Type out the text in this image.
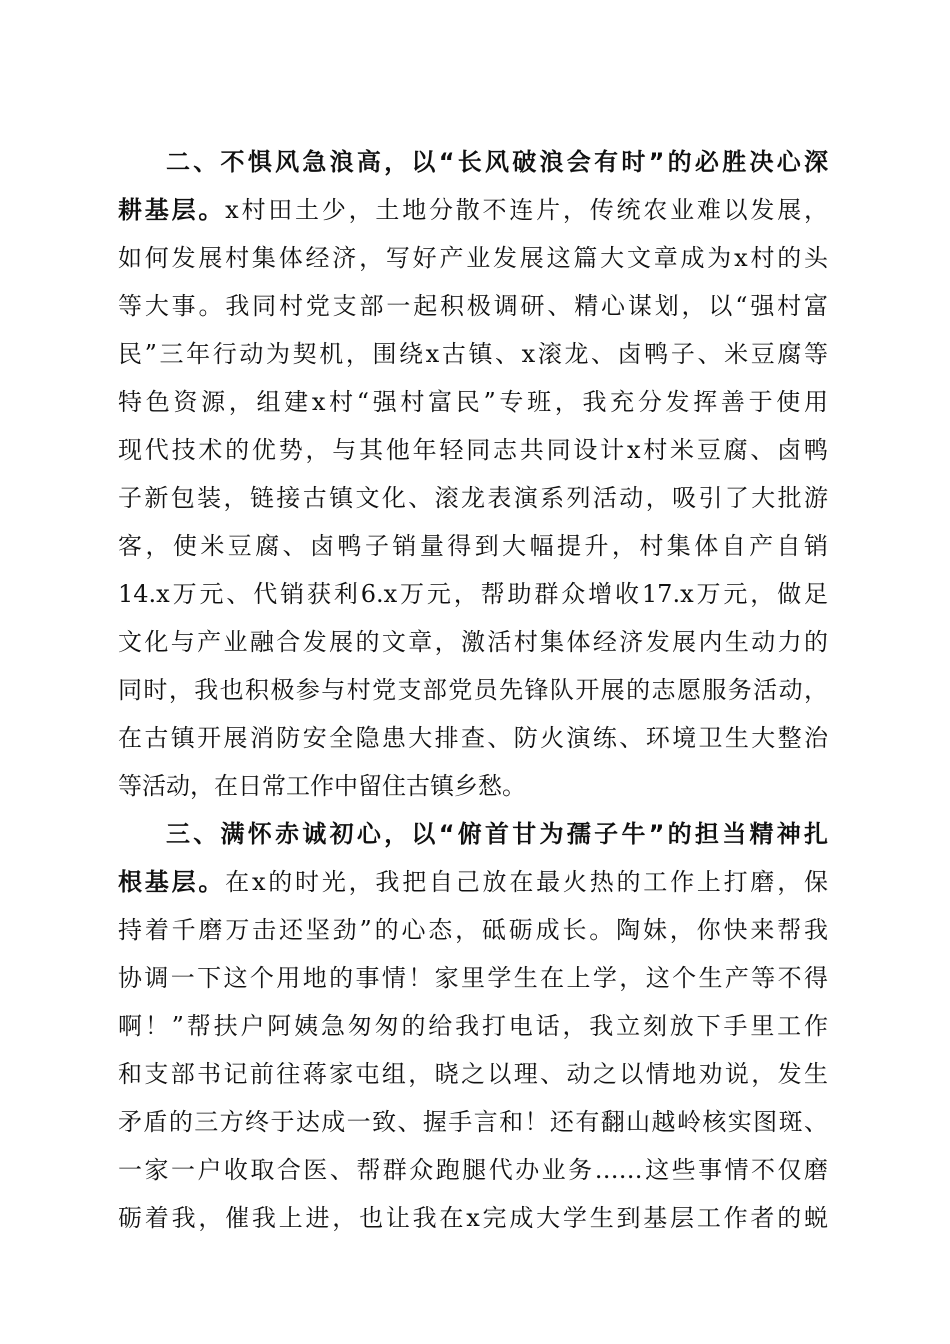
二、不惧风急浪高，以“长风破浪会有时”的必胜决心深
耕基层。x村田土少，土地分散不连片，传统农业难以发展，
如何发展村集体经济，写好产业发展这篇大文章成为x村的头
等大事。我同村党支部一起积极调研、精心谋划，以“强村富
民”三年行动为契机，围绕x古镇、x滚龙、卤鸭子、米豆腐等
特色资源，组建x村“强村富民”专班，我充分发挥善于使用
现代技术的优势，与其他年轻同志共同设计x村米豆腐、卤鸭
子新包装，链接古镇文化、滚龙表演系列活动，吸引了大批游
客，使米豆腐、卤鸭子销量得到大幅提升，村集体自产自销
14.x万元、代销获利6.x万元，帮助群众增收17.x万元，做足
文化与产业融合发展的文章，激活村集体经济发展内生动力的
同时，我也积极参与村党支部党员先锋队开展的志愿服务活动，
在古镇开展消防安全隐患大排查、防火演练、环境卫生大整治
等活动，在日常工作中留住古镇乡愁。
三、满怀赤诚初心，以“俯首甘为孺子牛”的担当精神扎
根基层。在x的时光，我把自己放在最火热的工作上打磨，保
持着千磨万击还坚劲”的心态，砥砺成长。陶妹，你快来帮我
协调一下这个用地的事情！家里学生在上学，这个生产等不得
啊！”帮扶户阿姨急匆匆的给我打电话，我立刻放下手里工作
和支部书记前往蒋家屯组，晓之以理、动之以情地劝说，发生
矛盾的三方终于达成一致、握手言和！还有翻山越岭核实图斑、
一家一户收取合医、帮群众跑腿代办业务……这些事情不仅磨
砺着我，催我上进，也让我在x完成大学生到基层工作者的蜕
